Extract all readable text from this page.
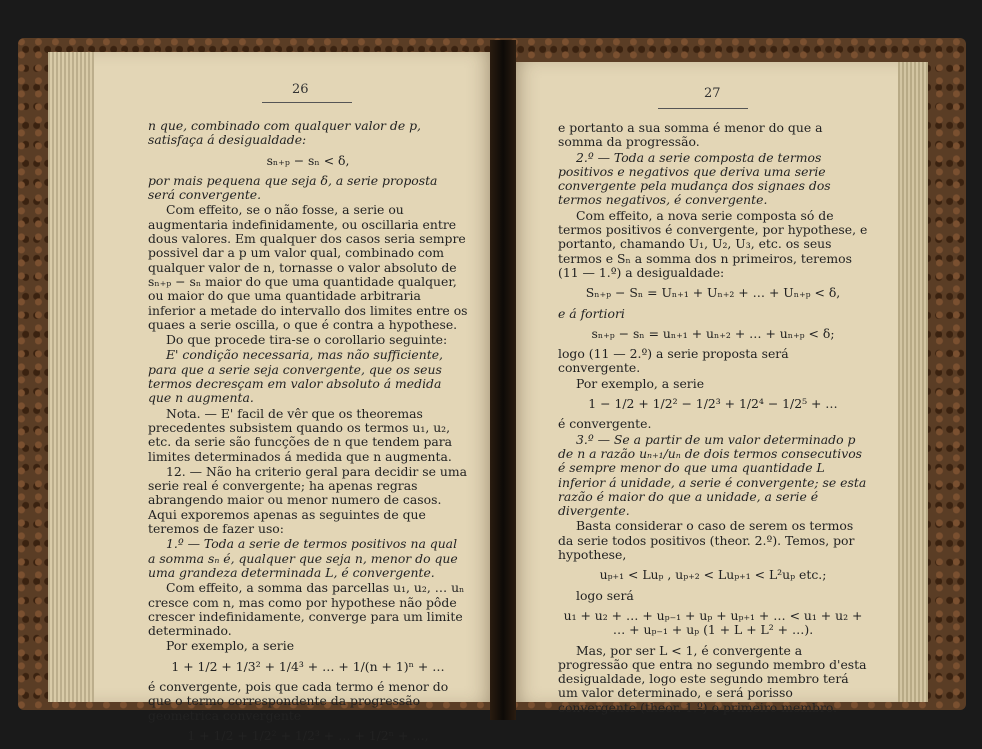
26

n que, combinado com qualquer valor de p, satisfaça á desigualdade:

sₙ₊ₚ − sₙ < δ,

por mais pequena que seja δ, a serie proposta será convergente.

Com effeito, se o não fosse, a serie ou augmentaria indefinidamente, ou oscillaria entre dous valores. Em qualquer dos casos seria sempre possivel dar a p um valor qual, combinado com qualquer valor de n, tornasse o valor absoluto de sₙ₊ₚ − sₙ maior do que uma quantidade qualquer, ou maior do que uma quantidade arbitraria inferior a metade do intervallo dos limites entre os quaes a serie oscilla, o que é contra a hypothese.

Do que procede tira-se o corollario seguinte:

E' condição necessaria, mas não sufficiente, para que a serie seja convergente, que os seus termos decresçam em valor absoluto á medida que n augmenta.

Nota. — E' facil de vêr que os theoremas precedentes subsistem quando os termos u₁, u₂, etc. da serie são funcções de n que tendem para limites determinados á medida que n augmenta.

12. — Não ha criterio geral para decidir se uma serie real é convergente; ha apenas regras abrangendo maior ou menor numero de casos. Aqui exporemos apenas as seguintes de que teremos de fazer uso:

1.º — Toda a serie de termos positivos na qual a somma sₙ é, qualquer que seja n, menor do que uma grandeza determinada L, é convergente.

Com effeito, a somma das parcellas u₁, u₂, … uₙ cresce com n, mas como por hypothese não pôde crescer indefinidamente, converge para um limite determinado.

Por exemplo, a serie

1 + 1/2 + 1/3² + 1/4³ + … + 1/(n + 1)ⁿ + …

é convergente, pois que cada termo é menor do que o termo correspondente da progressão geometrica convergente

1 + 1/2 + 1/2² + 1/2³ + … + 1/2ⁿ + …,

27

e portanto a sua somma é menor do que a somma da progressão.

2.º — Toda a serie composta de termos positivos e negativos que deriva uma serie convergente pela mudança dos signaes dos termos negativos, é convergente.

Com effeito, a nova serie composta só de termos positivos é convergente, por hypothese, e portanto, chamando U₁, U₂, U₃, etc. os seus termos e Sₙ a somma dos n primeiros, teremos (11 — 1.º) a desigualdade:

Sₙ₊ₚ − Sₙ = Uₙ₊₁ + Uₙ₊₂ + … + Uₙ₊ₚ < δ,

e á fortiori

sₙ₊ₚ − sₙ = uₙ₊₁ + uₙ₊₂ + … + uₙ₊ₚ < δ;

logo (11 — 2.º) a serie proposta será convergente.

Por exemplo, a serie

1 − 1/2 + 1/2² − 1/2³ + 1/2⁴ − 1/2⁵ + …

é convergente.

3.º — Se a partir de um valor determinado p de n a razão uₙ₊₁/uₙ de dois termos consecutivos é sempre menor do que uma quantidade L inferior á unidade, a serie é convergente; se esta razão é maior do que a unidade, a serie é divergente.

Basta considerar o caso de serem os termos da serie todos positivos (theor. 2.º). Temos, por hypothese,

uₚ₊₁ < Luₚ , uₚ₊₂ < Luₚ₊₁ < L²uₚ etc.;

logo será

u₁ + u₂ + … + uₚ₋₁ + uₚ + uₚ₊₁ + … < u₁ + u₂ + … + uₚ₋₁ + uₚ (1 + L + L² + …).

Mas, por ser L < 1, é convergente a progressão que entra no segundo membro d'esta desigualdade, logo este segundo membro terá um valor determinado, e será porisso convergente (theor. 1.º) o primeiro membro.
